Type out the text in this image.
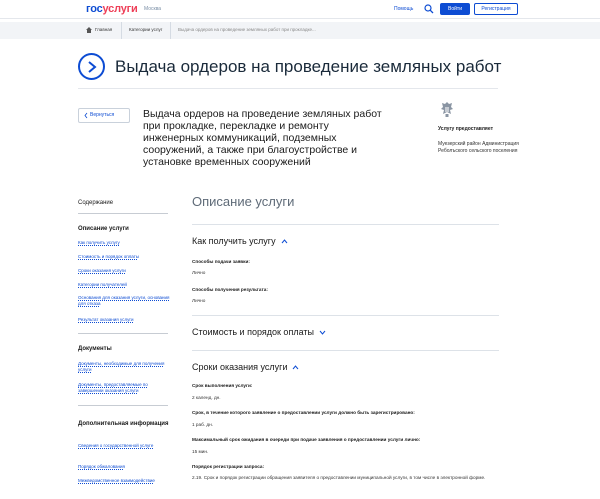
госуслуги Москва	Помощь	Войти	Регистрация
Главная	Категории услуг	Выдача ордеров на проведение земляных работ при прокладке...
Выдача ордеров на проведение земляных работ
Вернуться	Выдача ордеров на проведение земляных работ при прокладке, перекладке и ремонту инженерных коммуникаций, подземных сооружений, а также при благоустройстве и установке временных сооружений
Услугу предоставляет
Муезерский район Администрация Реболъского сельского поселения
Содержание
Описание услуги
Как получить услугу
Стоимость и порядок оплаты
Сроки оказания услуги
Категории получателей
Основания для оказания услуги, основания для отказа
Результат оказания услуги
Документы
Документы, необходимые для получения услуги
Документы, предоставляемые по завершении оказания услуги
Дополнительная информация
Сведения о государственной услуге
Порядок обжалования
Межведомственное взаимодействие
Описание услуги
Как получить услугу
Способы подачи заявки:
Лично
Способы получения результата:
Лично
Стоимость и порядок оплаты
Сроки оказания услуги
Срок выполнения услуги:
2 календ. дн.
Срок, в течение которого заявление о предоставлении услуги должно быть зарегистрировано:
1 раб. дн.
Максимальный срок ожидания в очереди при подаче заявления о предоставлении услуги лично:
15 мин.
Порядок регистрации запроса:
2.19. Срок и порядок регистрации обращения заявителя о предоставлении муниципальной услуги, в том числе в электронной форме.
